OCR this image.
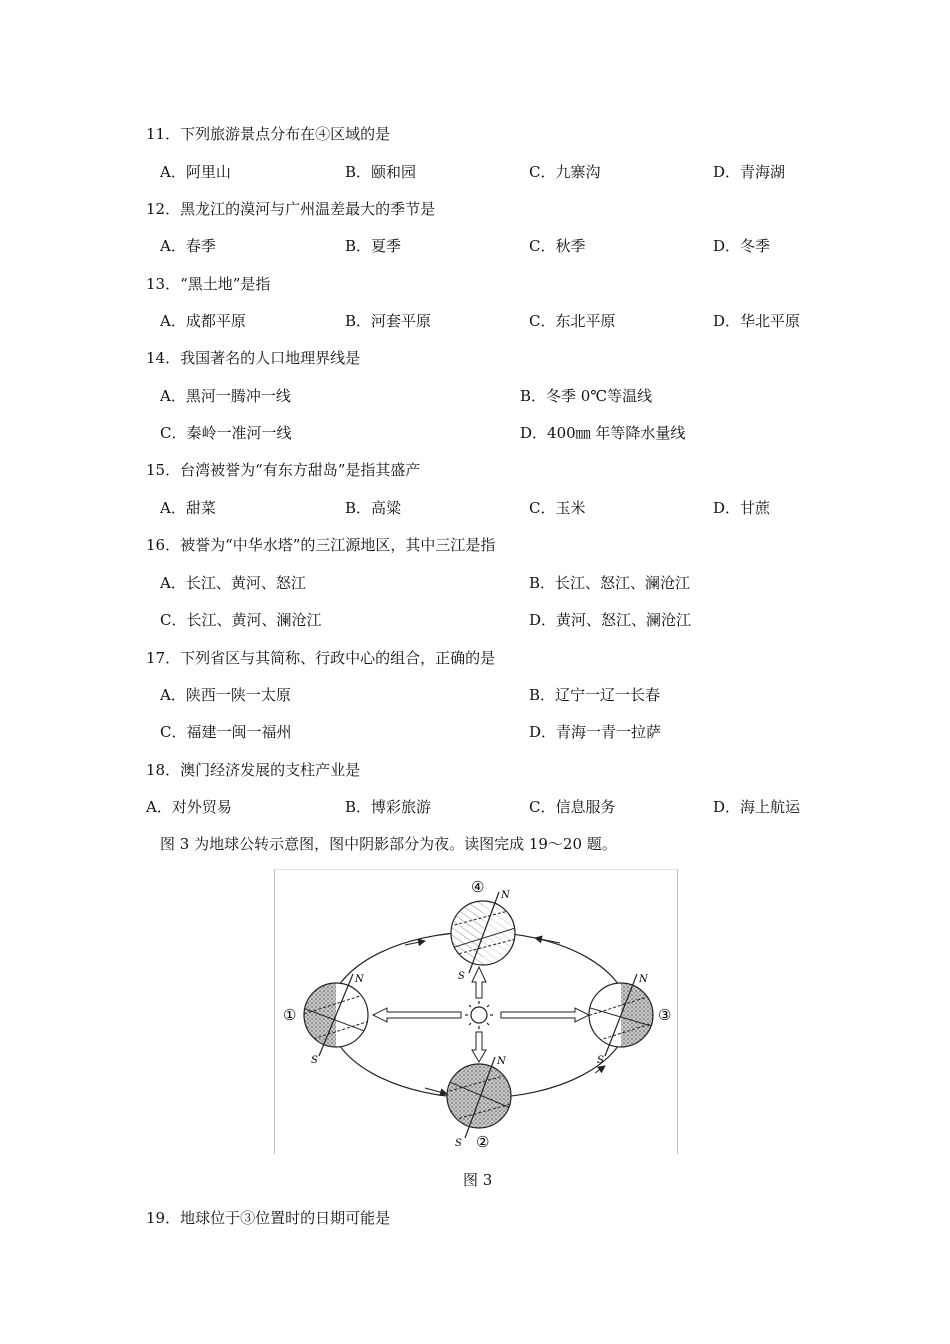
11．下列旅游景点分布在④区域的是
A．阿里山	B．颐和园	C．九寨沟	D．青海湖
12．黑龙江的漠河与广州温差最大的季节是
A．春季	B．夏季	C．秋季	D．冬季
13．“黑土地”是指
A．成都平原	B．河套平原	C．东北平原	D．华北平原
14．我国著名的人口地理界线是
A．黑河一腾冲一线	B．冬季 0℃等温线
C．秦岭一准河一线	D．400㎜ 年等降水量线
15．台湾被誉为“有东方甜岛”是指其盛产
A．甜菜	B．高粱	C．玉米	D．甘蔗
16．被誉为“中华水塔”的三江源地区，其中三江是指
A．长江、黄河、怒江	B．长江、怒江、澜沧江
C．长江、黄河、澜沧江	D．黄河、怒江、澜沧江
17．下列省区与其简称、行政中心的组合，正确的是
A．陕西一陕一太原	B．辽宁一辽一长春
C．福建一闽一福州	D．青海一青一拉萨
18．澳门经济发展的支柱产业是
A．对外贸易	B．博彩旅游	C．信息服务	D．海上航运
图 3 为地球公转示意图，图中阴影部分为夜。读图完成 19～20 题。
④
①	③
②
N
S
N
S
N
S
N
S
图 3
19．地球位于③位置时的日期可能是
